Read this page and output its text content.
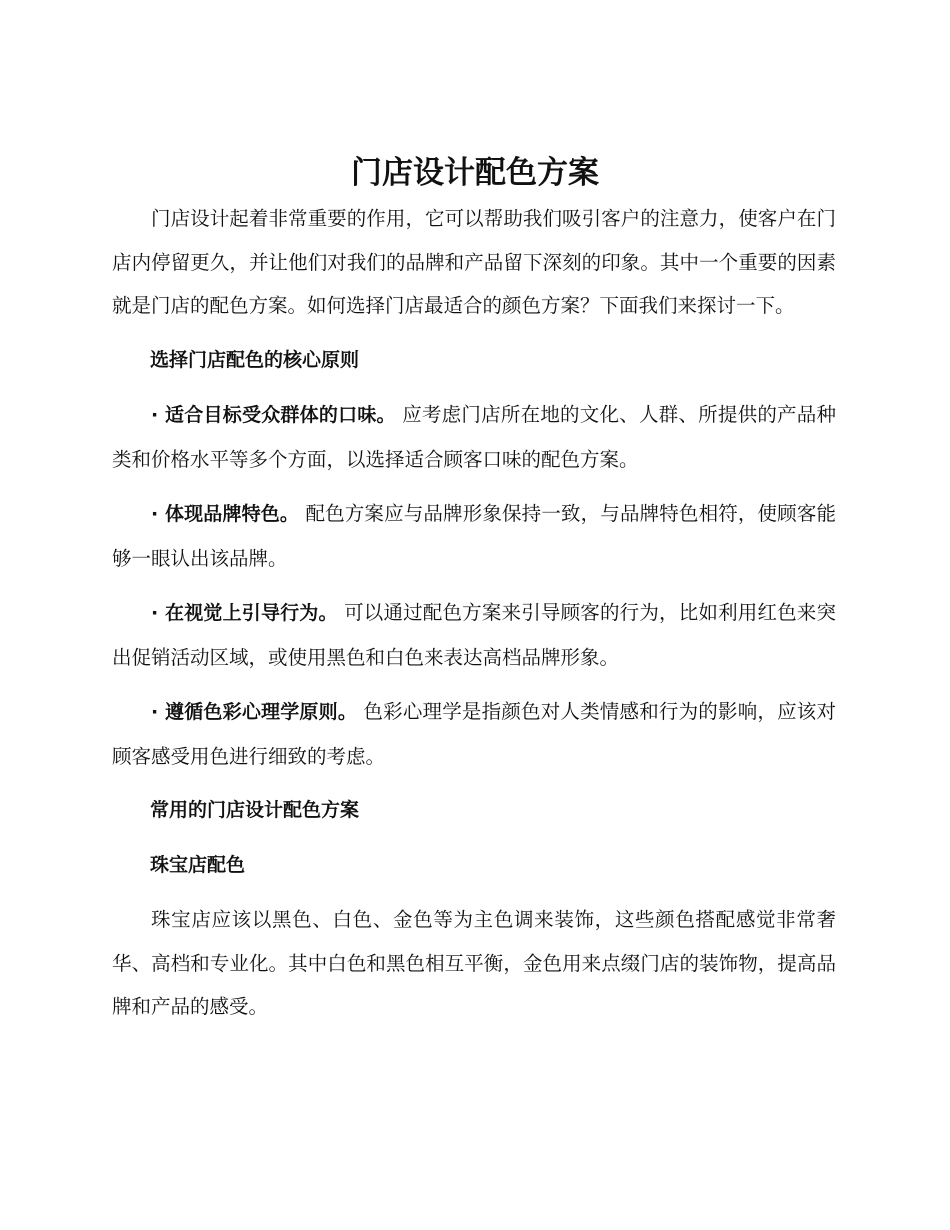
门店设计配色方案

门店设计起着非常重要的作用，它可以帮助我们吸引客户的注意力，使客户在门店内停留更久，并让他们对我们的品牌和产品留下深刻的印象。其中一个重要的因素就是门店的配色方案。如何选择门店最适合的颜色方案？下面我们来探讨一下。

选择门店配色的核心原则

· 适合目标受众群体的口味。 应考虑门店所在地的文化、人群、所提供的产品种类和价格水平等多个方面，以选择适合顾客口味的配色方案。

· 体现品牌特色。 配色方案应与品牌形象保持一致，与品牌特色相符，使顾客能够一眼认出该品牌。

· 在视觉上引导行为。 可以通过配色方案来引导顾客的行为，比如利用红色来突出促销活动区域，或使用黑色和白色来表达高档品牌形象。

· 遵循色彩心理学原则。 色彩心理学是指颜色对人类情感和行为的影响，应该对顾客感受用色进行细致的考虑。

常用的门店设计配色方案
珠宝店配色

珠宝店应该以黑色、白色、金色等为主色调来装饰，这些颜色搭配感觉非常奢华、高档和专业化。其中白色和黑色相互平衡，金色用来点缀门店的装饰物，提高品牌和产品的感受。
